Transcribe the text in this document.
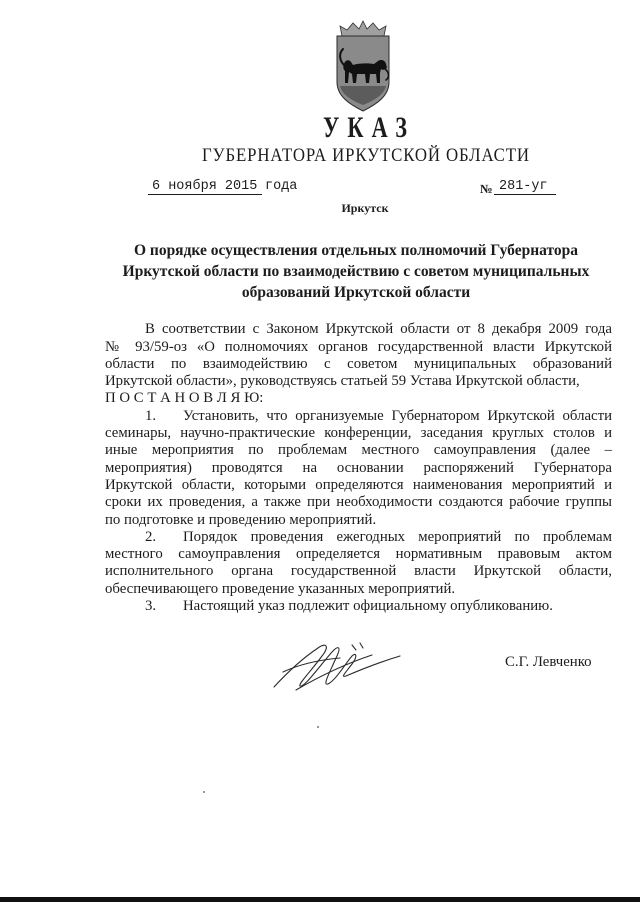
УКАЗ
ГУБЕРНАТОРА ИРКУТСКОЙ ОБЛАСТИ
6 ноября 2015 года	№ 281-уг
Иркутск
О порядке осуществления отдельных полномочий Губернатора
Иркутской области по взаимодействию с советом муниципальных
образований Иркутской области
В соответствии с Законом Иркутской области от 8 декабря 2009 года
№ 93/59-оз «О полномочиях органов государственной власти Иркутской
области по взаимодействию с советом муниципальных образований
Иркутской области», руководствуясь статьей 59 Устава Иркутской области,
П О С Т А Н О В Л Я Ю:
1. Установить, что организуемые Губернатором Иркутской области
семинары, научно-практические конференции, заседания круглых столов и
иные мероприятия по проблемам местного самоуправления (далее –
мероприятия) проводятся на основании распоряжений Губернатора
Иркутской области, которыми определяются наименования мероприятий и
сроки их проведения, а также при необходимости создаются рабочие группы
по подготовке и проведению мероприятий.
2. Порядок проведения ежегодных мероприятий по проблемам
местного самоуправления определяется нормативным правовым актом
исполнительного органа государственной власти Иркутской области,
обеспечивающего проведение указанных мероприятий.
3. Настоящий указ подлежит официальному опубликованию.
С.Г. Левченко
